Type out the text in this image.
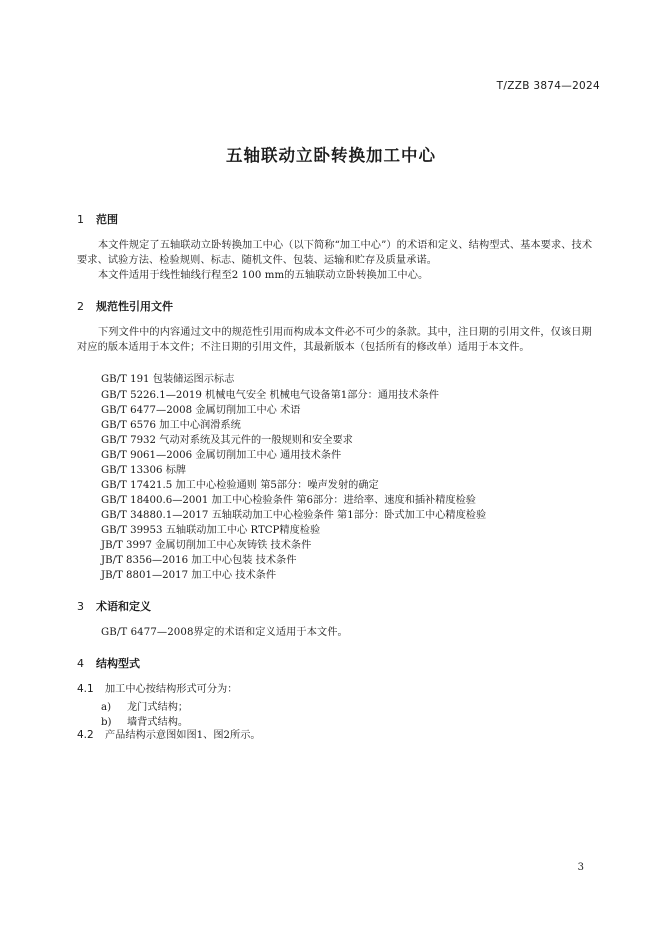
T/ZZB 3874—2024
五轴联动立卧转换加工中心
1 范围
本文件规定了五轴联动立卧转换加工中心（以下简称“加工中心”）的术语和定义、结构型式、基本要求、技术要求、试验方法、检验规则、标志、随机文件、包装、运输和贮存及质量承诺。
本文件适用于线性轴线行程至2 100 mm的五轴联动立卧转换加工中心。
2 规范性引用文件
下列文件中的内容通过文中的规范性引用而构成本文件必不可少的条款。其中，注日期的引用文件，仅该日期对应的版本适用于本文件；不注日期的引用文件，其最新版本（包括所有的修改单）适用于本文件。
GB/T 191 包装储运图示标志
GB/T 5226.1—2019 机械电气安全 机械电气设备第1部分：通用技术条件
GB/T 6477—2008 金属切削加工中心 术语
GB/T 6576 加工中心润滑系统
GB/T 7932 气动对系统及其元件的一般规则和安全要求
GB/T 9061—2006 金属切削加工中心 通用技术条件
GB/T 13306 标牌
GB/T 17421.5 加工中心检验通则 第5部分：噪声发射的确定
GB/T 18400.6—2001 加工中心检验条件 第6部分：进给率、速度和插补精度检验
GB/T 34880.1—2017 五轴联动加工中心检验条件 第1部分：卧式加工中心精度检验
GB/T 39953 五轴联动加工中心 RTCP精度检验
JB/T 3997 金属切削加工中心灰铸铁 技术条件
JB/T 8356—2016 加工中心包装 技术条件
JB/T 8801—2017 加工中心 技术条件
3 术语和定义
GB/T 6477—2008界定的术语和定义适用于本文件。
4 结构型式
4.1 加工中心按结构形式可分为：
a) 龙门式结构；
b) 墙背式结构。
4.2 产品结构示意图如图1、图2所示。
3
